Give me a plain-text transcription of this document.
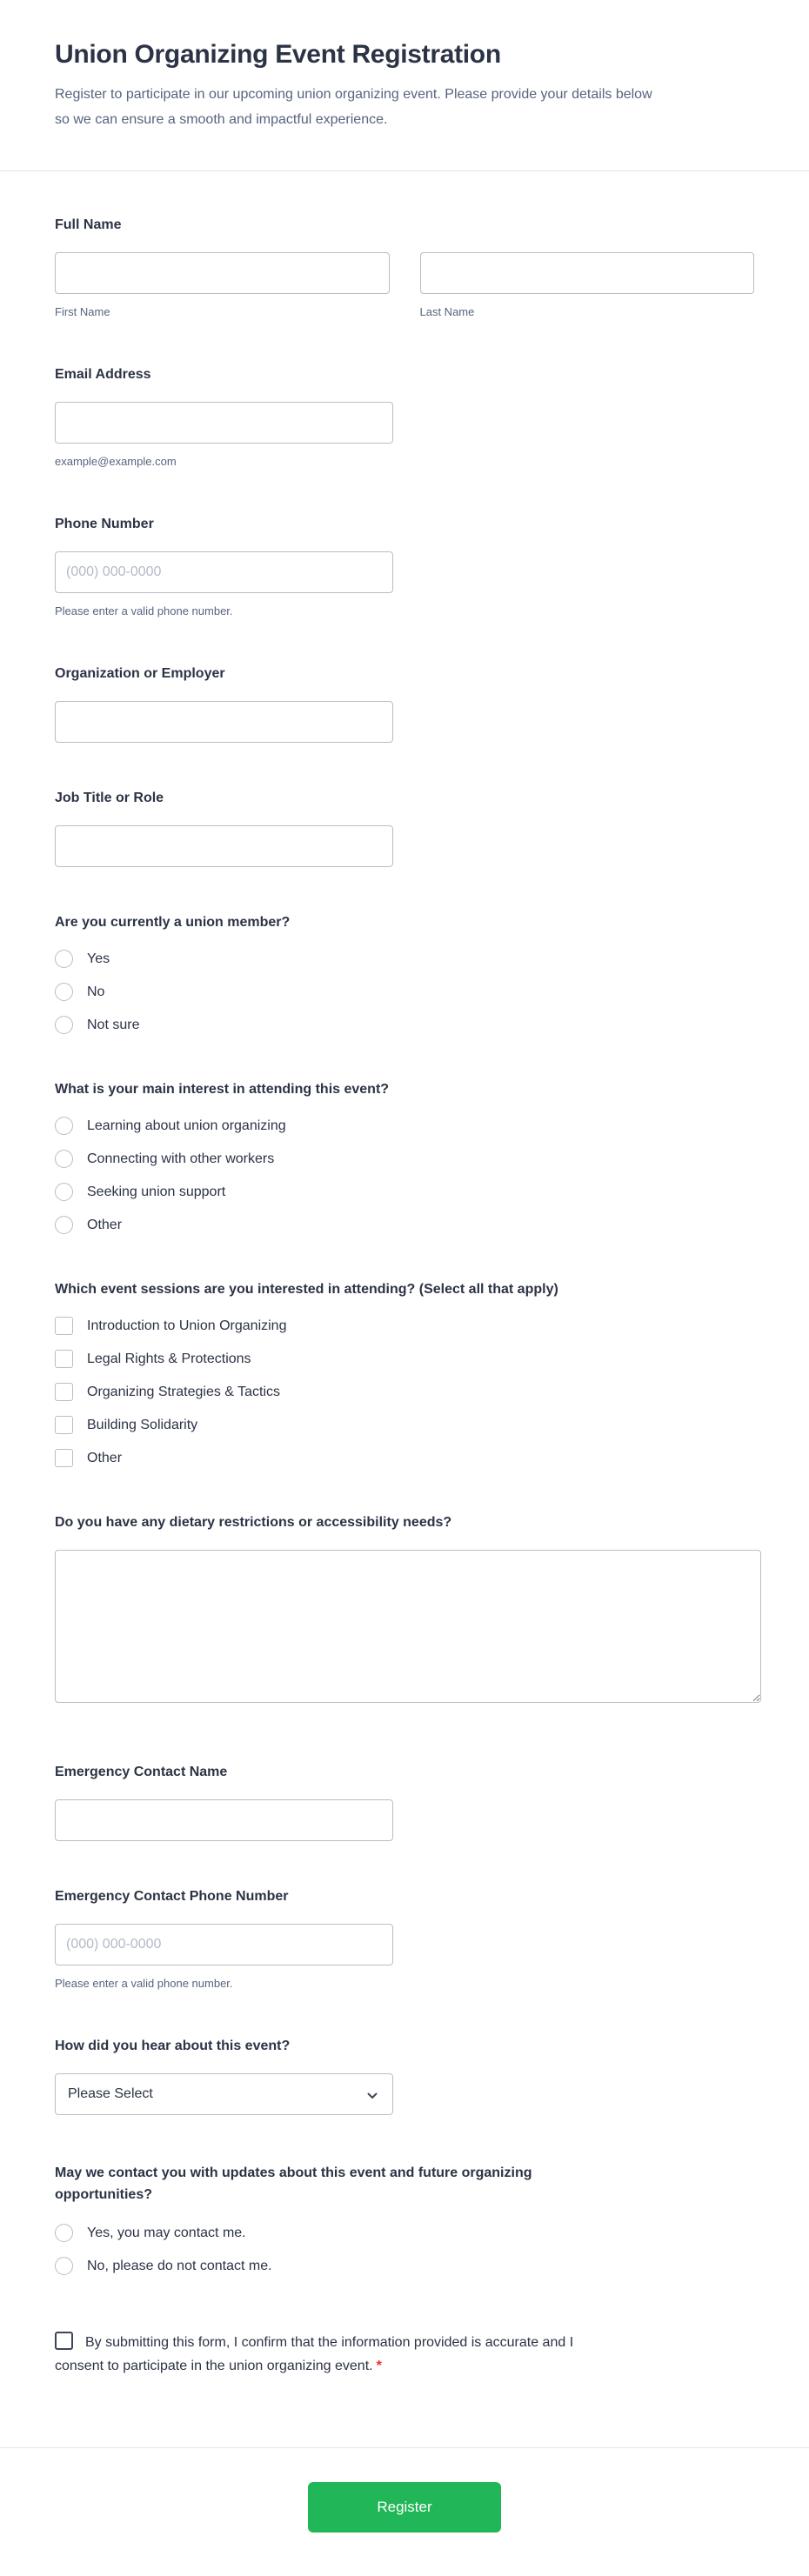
Union Organizing Event Registration

Register to participate in our upcoming union organizing event. Please provide your details below so we can ensure a smooth and impactful experience.

Full Name
First Name	Last Name
Email Address
example@example.com
Phone Number
(000) 000-0000
Please enter a valid phone number.
Organization or Employer
Job Title or Role
Are you currently a union member?
Yes
No
Not sure
What is your main interest in attending this event?
Learning about union organizing
Connecting with other workers
Seeking union support
Other
Which event sessions are you interested in attending? (Select all that apply)
Introduction to Union Organizing
Legal Rights & Protections
Organizing Strategies & Tactics
Building Solidarity
Other
Do you have any dietary restrictions or accessibility needs?
Emergency Contact Name
Emergency Contact Phone Number
(000) 000-0000
Please enter a valid phone number.
How did you hear about this event?
Please Select
May we contact you with updates about this event and future organizing opportunities?
Yes, you may contact me.
No, please do not contact me.
By submitting this form, I confirm that the information provided is accurate and I consent to participate in the union organizing event. *
Register
